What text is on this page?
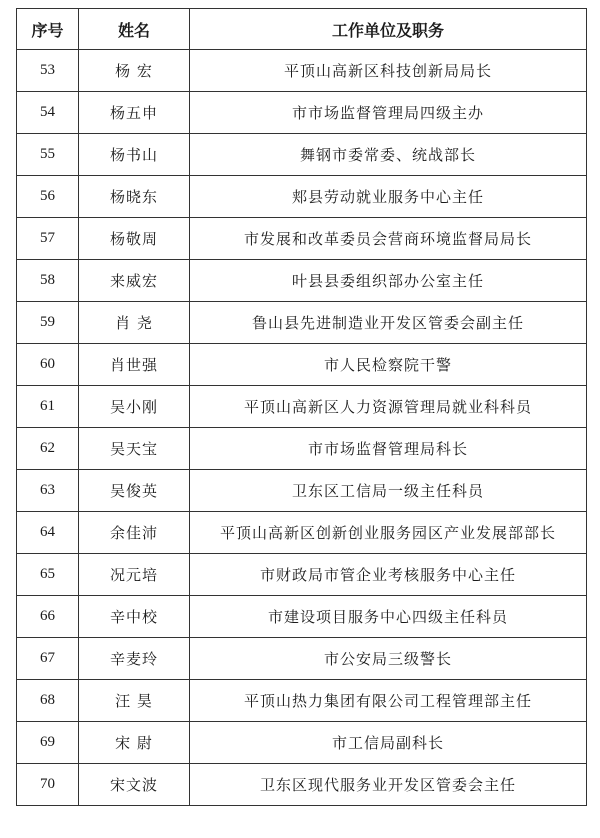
序号	姓名	工作单位及职务
53	杨 宏	平顶山高新区科技创新局局长
54	杨五申	市市场监督管理局四级主办
55	杨书山	舞钢市委常委、统战部长
56	杨晓东	郏县劳动就业服务中心主任
57	杨敬周	市发展和改革委员会营商环境监督局局长
58	来威宏	叶县县委组织部办公室主任
59	肖 尧	鲁山县先进制造业开发区管委会副主任
60	肖世强	市人民检察院干警
61	吴小刚	平顶山高新区人力资源管理局就业科科员
62	吴天宝	市市场监督管理局科长
63	吴俊英	卫东区工信局一级主任科员
64	余佳沛	平顶山高新区创新创业服务园区产业发展部部长
65	况元培	市财政局市管企业考核服务中心主任
66	辛中校	市建设项目服务中心四级主任科员
67	辛麦玲	市公安局三级警长
68	汪 昊	平顶山热力集团有限公司工程管理部主任
69	宋 尉	市工信局副科长
70	宋文波	卫东区现代服务业开发区管委会主任
